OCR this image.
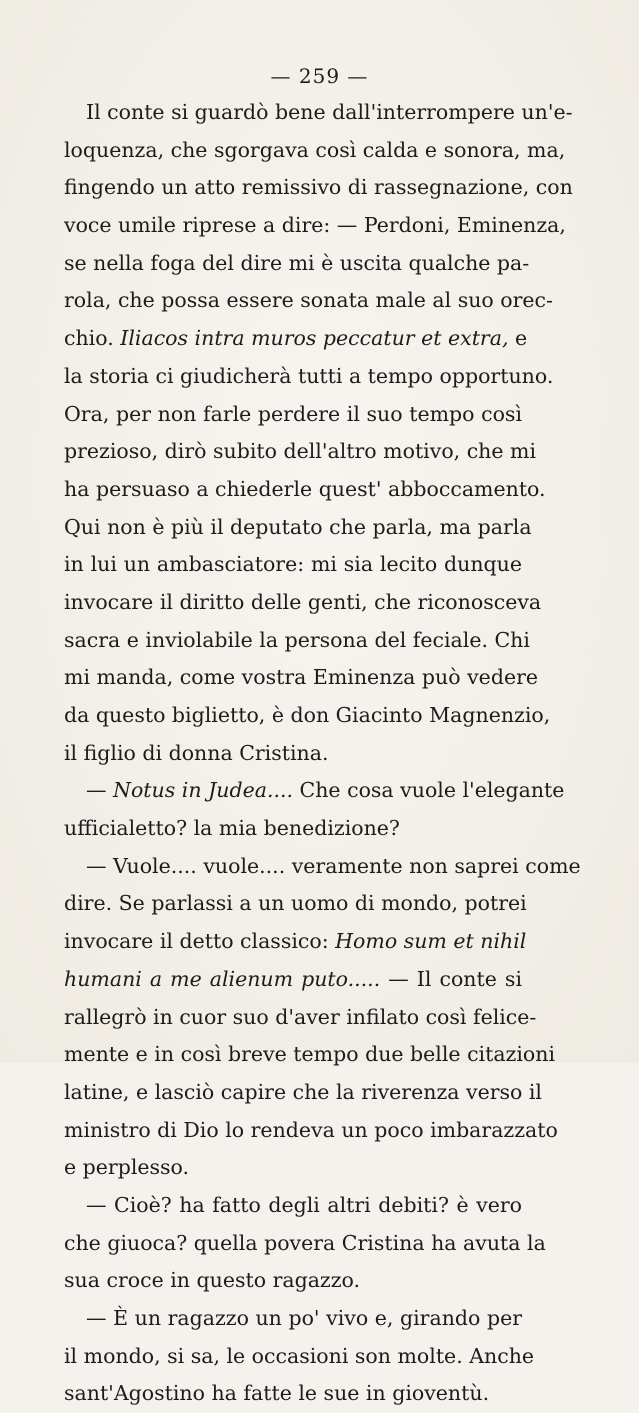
— 259 —
Il conte si guardò bene dall'interrompere un'e-
loquenza, che sgorgava così calda e sonora, ma,
fingendo un atto remissivo di rassegnazione, con
voce umile riprese a dire: — Perdoni, Eminenza,
se nella foga del dire mi è uscita qualche pa-
rola, che possa essere sonata male al suo orec-
chio. Iliacos intra muros peccatur et extra, e
la storia ci giudicherà tutti a tempo opportuno.
Ora, per non farle perdere il suo tempo così
prezioso, dirò subito dell'altro motivo, che mi
ha persuaso a chiederle quest' abboccamento.
Qui non è più il deputato che parla, ma parla
in lui un ambasciatore: mi sia lecito dunque
invocare il diritto delle genti, che riconosceva
sacra e inviolabile la persona del feciale. Chi
mi manda, come vostra Eminenza può vedere
da questo biglietto, è don Giacinto Magnenzio,
il figlio di donna Cristina.
— Notus in Judea.... Che cosa vuole l'elegante
ufficialetto? la mia benedizione?
— Vuole.... vuole.... veramente non saprei come
dire. Se parlassi a un uomo di mondo, potrei
invocare il detto classico: Homo sum et nihil
humani a me alienum puto..... — Il conte si
rallegrò in cuor suo d'aver infilato così felice-
mente e in così breve tempo due belle citazioni
latine, e lasciò capire che la riverenza verso il
ministro di Dio lo rendeva un poco imbarazzato
e perplesso.
— Cioè? ha fatto degli altri debiti? è vero
che giuoca? quella povera Cristina ha avuta la
sua croce in questo ragazzo.
— È un ragazzo un po' vivo e, girando per
il mondo, si sa, le occasioni son molte. Anche
sant'Agostino ha fatte le sue in gioventù.
